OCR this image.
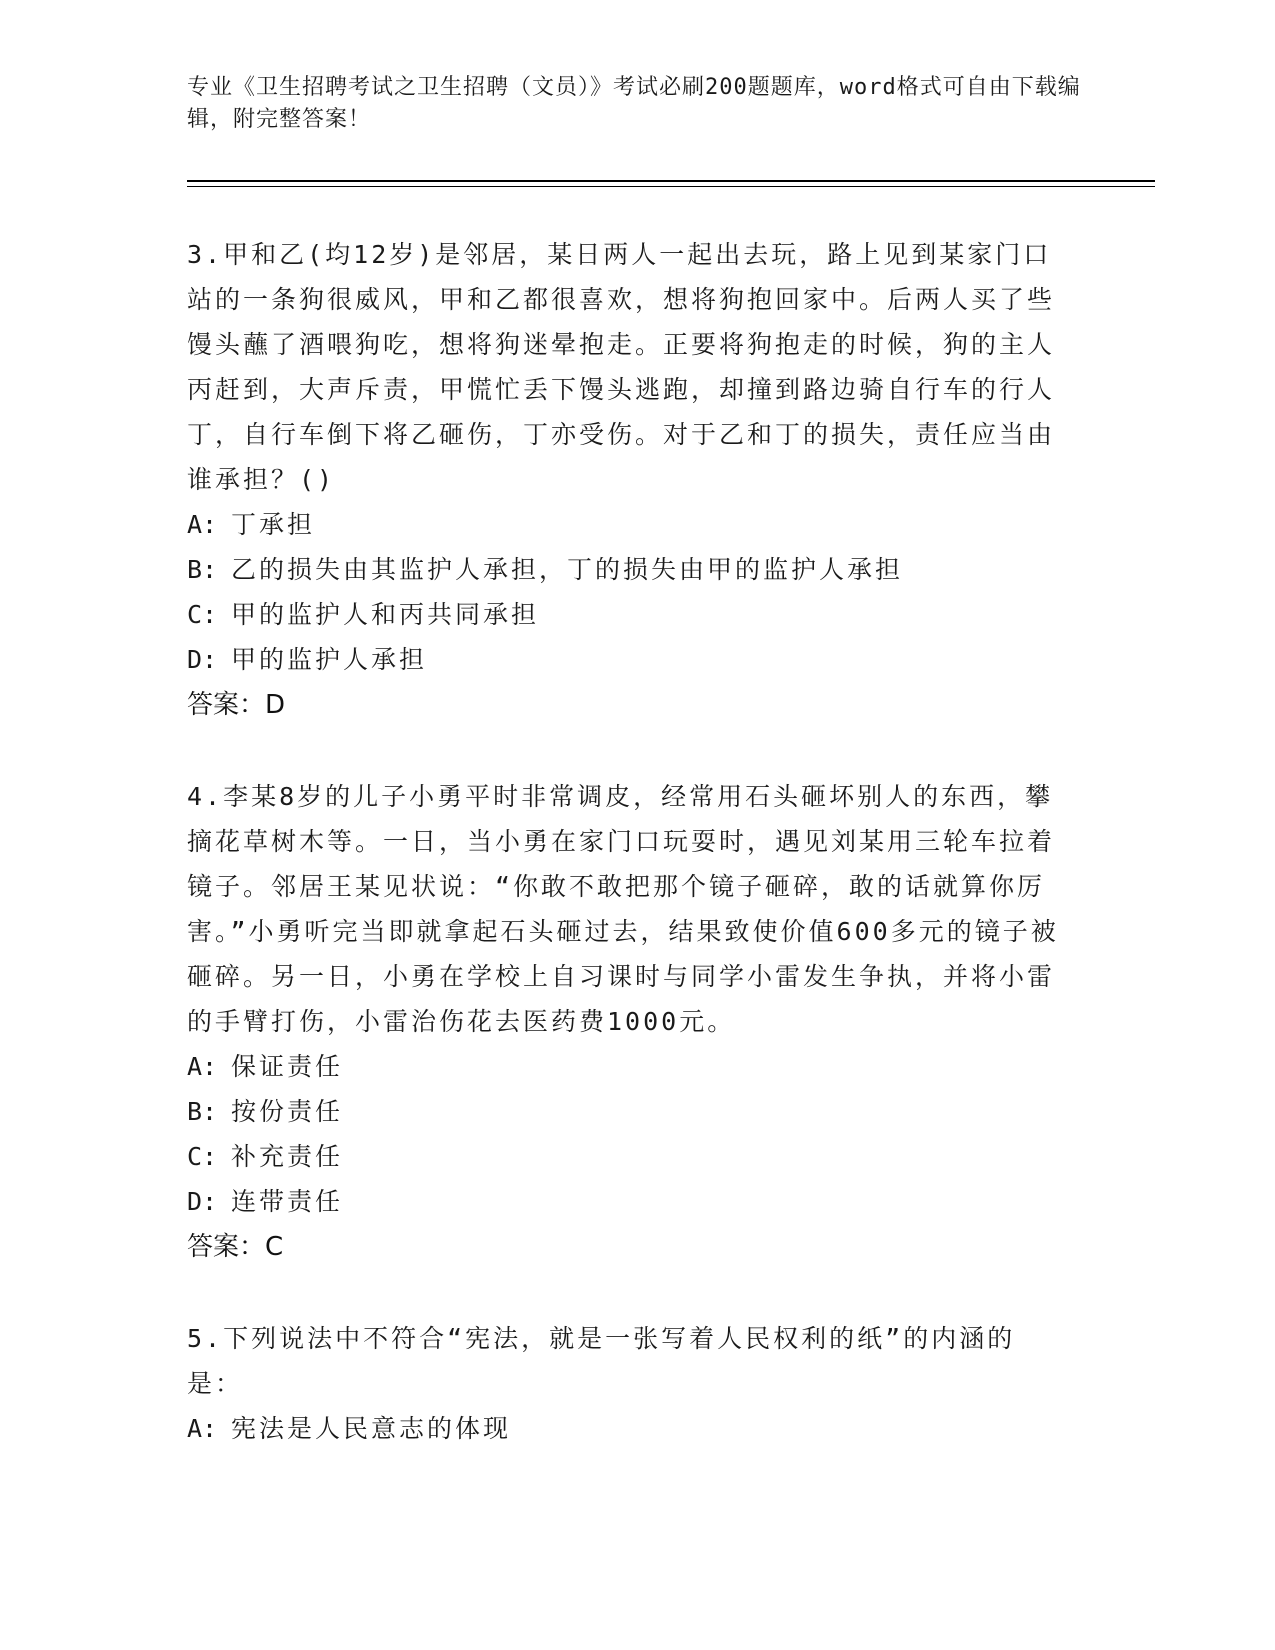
专业《卫生招聘考试之卫生招聘（文员）》考试必刷200题题库，word格式可自由下载编辑，附完整答案！

3.甲和乙(均12岁)是邻居，某日两人一起出去玩，路上见到某家门口站的一条狗很威风，甲和乙都很喜欢，想将狗抱回家中。后两人买了些馒头蘸了酒喂狗吃，想将狗迷晕抱走。正要将狗抱走的时候，狗的主人丙赶到，大声斥责，甲慌忙丢下馒头逃跑，却撞到路边骑自行车的行人丁，自行车倒下将乙砸伤，丁亦受伤。对于乙和丁的损失，责任应当由谁承担？()

A: 丁承担

B: 乙的损失由其监护人承担，丁的损失由甲的监护人承担

C: 甲的监护人和丙共同承担

D: 甲的监护人承担

答案：D

4.李某8岁的儿子小勇平时非常调皮，经常用石头砸坏别人的东西，攀摘花草树木等。一日，当小勇在家门口玩耍时，遇见刘某用三轮车拉着镜子。邻居王某见状说：“你敢不敢把那个镜子砸碎，敢的话就算你厉害。”小勇听完当即就拿起石头砸过去，结果致使价值600多元的镜子被砸碎。另一日，小勇在学校上自习课时与同学小雷发生争执，并将小雷的手臂打伤，小雷治伤花去医药费1000元。

A: 保证责任

B: 按份责任

C: 补充责任

D: 连带责任

答案：C

5.下列说法中不符合“宪法，就是一张写着人民权利的纸”的内涵的是：

A: 宪法是人民意志的体现
